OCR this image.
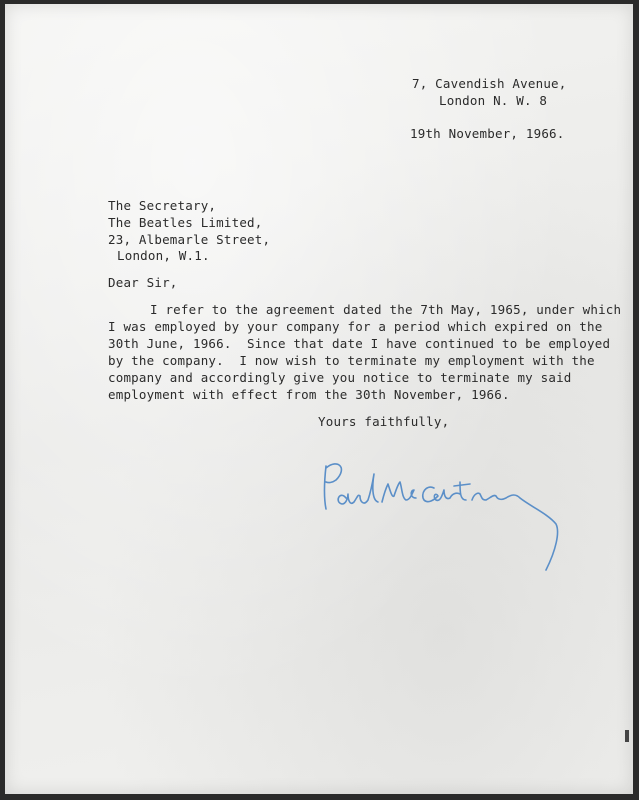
7, Cavendish Avenue,
London N. W. 8
19th November, 1966.
The Secretary,
The Beatles Limited,
23, Albemarle Street,
London, W.1.
Dear Sir,
I refer to the agreement dated the 7th May, 1965, under which
I was employed by your company for a period which expired on the
30th June, 1966.  Since that date I have continued to be employed
by the company.  I now wish to terminate my employment with the
company and accordingly give you notice to terminate my said
employment with effect from the 30th November, 1966.
Yours faithfully,
